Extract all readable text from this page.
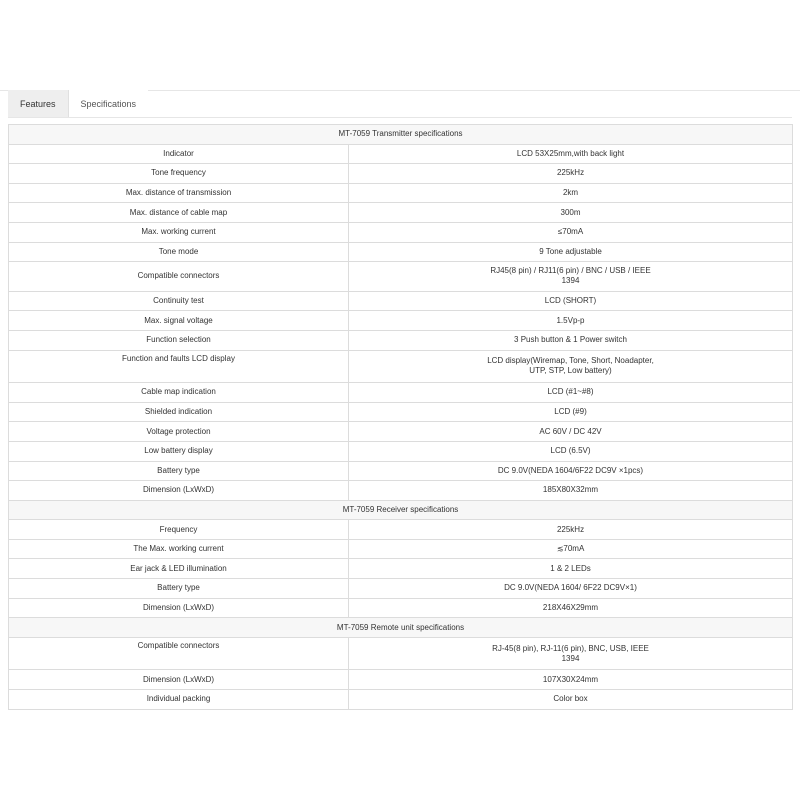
Features	Specifications
MT-7059 Transmitter specifications	
Indicator	LCD 53X25mm,with back light
Tone frequency	225kHz
Max. distance of transmission	2km
Max. distance of cable map	300m
Max. working current	≤70mA
Tone mode	9 Tone adjustable
Compatible connectors	RJ45(8 pin) / RJ11(6 pin) / BNC / USB / IEEE 1394
Continuity test	LCD (SHORT)
Max. signal voltage	1.5Vp-p
Function selection	3 Push button & 1 Power switch
Function and faults LCD display	LCD display(Wiremap, Tone, Short, Noadapter, UTP, STP, Low battery)
Cable map indication	LCD (#1~#8)
Shielded indication	LCD (#9)
Voltage protection	AC 60V / DC 42V
Low battery display	LCD (6.5V)
Battery type	DC 9.0V(NEDA 1604/6F22 DC9V ×1pcs)
Dimension (LxWxD)	185X80X32mm
MT-7059 Receiver specifications	
Frequency	225kHz
The Max. working current	≲70mA
Ear jack & LED illumination	1 & 2 LEDs
Battery type	DC 9.0V(NEDA 1604/ 6F22 DC9V×1)
Dimension (LxWxD)	218X46X29mm
MT-7059 Remote unit specifications	
Compatible connectors	RJ-45(8 pin), RJ-11(6 pin), BNC, USB, IEEE 1394
Dimension (LxWxD)	107X30X24mm
Individual packing	Color box
